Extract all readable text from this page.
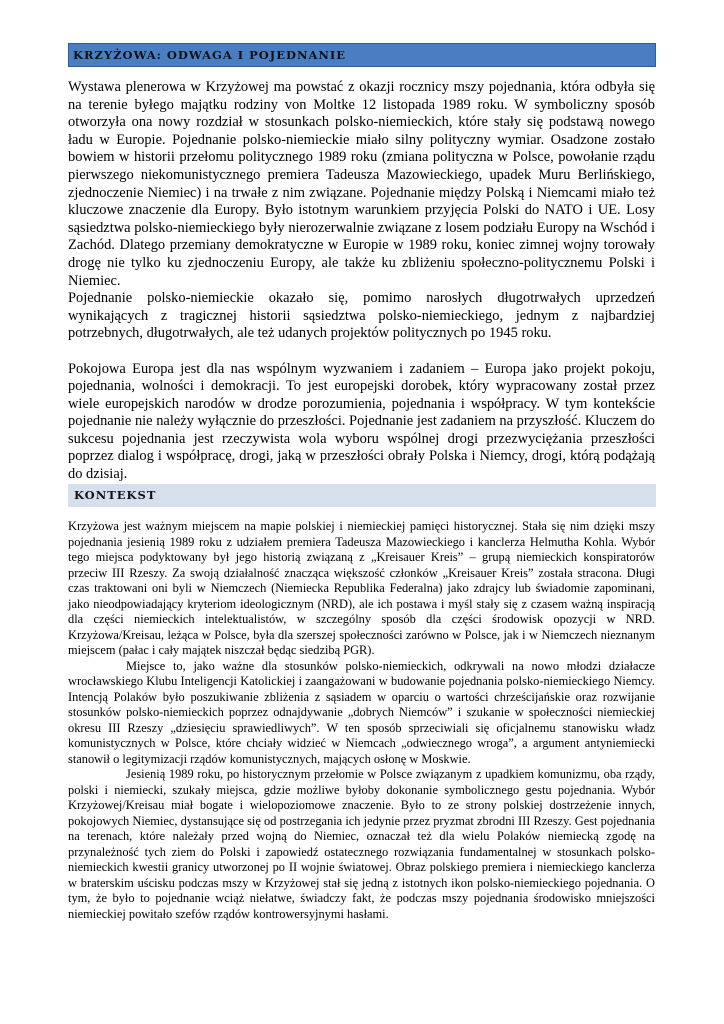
KRZYŻOWA: ODWAGA I POJEDNANIE

Wystawa plenerowa w Krzyżowej ma powstać z okazji rocznicy mszy pojednania, która odbyła się na terenie byłego majątku rodziny von Moltke 12 listopada 1989 roku. W symboliczny sposób otworzyła ona nowy rozdział w stosunkach polsko-niemieckich, które stały się podstawą nowego ładu w Europie. Pojednanie polsko-niemieckie miało silny polityczny wymiar. Osadzone zostało bowiem w historii przełomu politycznego 1989 roku (zmiana polityczna w Polsce, powołanie rządu pierwszego niekomunistycznego premiera Tadeusza Mazowieckiego, upadek Muru Berlińskiego, zjednoczenie Niemiec) i na trwałe z nim związane. Pojednanie między Polską i Niemcami miało też kluczowe znaczenie dla Europy. Było istotnym warunkiem przyjęcia Polski do NATO i UE. Losy sąsiedztwa polsko-niemieckiego były nierozerwalnie związane z losem podziału Europy na Wschód i Zachód. Dlatego przemiany demokratyczne w Europie w 1989 roku, koniec zimnej wojny torowały drogę nie tylko ku zjednoczeniu Europy, ale także ku zbliżeniu społeczno-politycznemu Polski i Niemiec.

Pojednanie polsko-niemieckie okazało się, pomimo narosłych długotrwałych uprzedzeń wynikających z tragicznej historii sąsiedztwa polsko-niemieckiego, jednym z najbardziej potrzebnych, długotrwałych, ale też udanych projektów politycznych po 1945 roku.

Pokojowa Europa jest dla nas wspólnym wyzwaniem i zadaniem – Europa jako projekt pokoju, pojednania, wolności i demokracji. To jest europejski dorobek, który wypracowany został przez wiele europejskich narodów w drodze porozumienia, pojednania i współpracy. W tym kontekście pojednanie nie należy wyłącznie do przeszłości. Pojednanie jest zadaniem na przyszłość. Kluczem do sukcesu pojednania jest rzeczywista wola wyboru wspólnej drogi przezwyciężania przeszłości poprzez dialog i współpracę, drogi, jaką w przeszłości obrały Polska i Niemcy, drogi, którą podążają do dzisiaj.

KONTEKST

Krzyżowa jest ważnym miejscem na mapie polskiej i niemieckiej pamięci historycznej. Stała się nim dzięki mszy pojednania jesienią 1989 roku z udziałem premiera Tadeusza Mazowieckiego i kanclerza Helmutha Kohla. Wybór tego miejsca podyktowany był jego historią związaną z „Kreisauer Kreis” – grupą niemieckich konspiratorów przeciw III Rzeszy. Za swoją działalność znacząca większość członków „Kreisauer Kreis” została stracona. Długi czas traktowani oni byli w Niemczech (Niemiecka Republika Federalna) jako zdrajcy lub świadomie zapominani, jako nieodpowiadający kryteriom ideologicznym (NRD), ale ich postawa i myśl stały się z czasem ważną inspiracją dla części niemieckich intelektualistów, w szczególny sposób dla części środowisk opozycji w NRD. Krzyżowa/Kreisau, leżąca w Polsce, była dla szerszej społeczności zarówno w Polsce, jak i w Niemczech nieznanym miejscem (pałac i cały majątek niszczał będąc siedzibą PGR).

Miejsce to, jako ważne dla stosunków polsko-niemieckich, odkrywali na nowo młodzi działacze wrocławskiego Klubu Inteligencji Katolickiej i zaangażowani w budowanie pojednania polsko-niemieckiego Niemcy. Intencją Polaków było poszukiwanie zbliżenia z sąsiadem w oparciu o wartości chrześcijańskie oraz rozwijanie stosunków polsko-niemieckich poprzez odnajdywanie „dobrych Niemców” i szukanie w społeczności niemieckiej okresu III Rzeszy „dziesięciu sprawiedliwych”. W ten sposób sprzeciwiali się oficjalnemu stanowisku władz komunistycznych w Polsce, które chciały widzieć w Niemcach „odwiecznego wroga”, a argument antyniemiecki stanowił o legitymizacji rządów komunistycznych, mających osłonę w Moskwie.

Jesienią 1989 roku, po historycznym przełomie w Polsce związanym z upadkiem komunizmu, oba rządy, polski i niemiecki, szukały miejsca, gdzie możliwe byłoby dokonanie symbolicznego gestu pojednania. Wybór Krzyżowej/Kreisau miał bogate i wielopoziomowe znaczenie. Było to ze strony polskiej dostrzeżenie innych, pokojowych Niemiec, dystansujące się od postrzegania ich jedynie przez pryzmat zbrodni III Rzeszy. Gest pojednania na terenach, które należały przed wojną do Niemiec, oznaczał też dla wielu Polaków niemiecką zgodę na przynależność tych ziem do Polski i zapowiedź ostatecznego rozwiązania fundamentalnej w stosunkach polsko-niemieckich kwestii granicy utworzonej po II wojnie światowej. Obraz polskiego premiera i niemieckiego kanclerza w braterskim uścisku podczas mszy w Krzyżowej stał się jedną z istotnych ikon polsko-niemieckiego pojednania. O tym, że było to pojednanie wciąż niełatwe, świadczy fakt, że podczas mszy pojednania środowisko mniejszości niemieckiej powitało szefów rządów kontrowersyjnymi hasłami.
